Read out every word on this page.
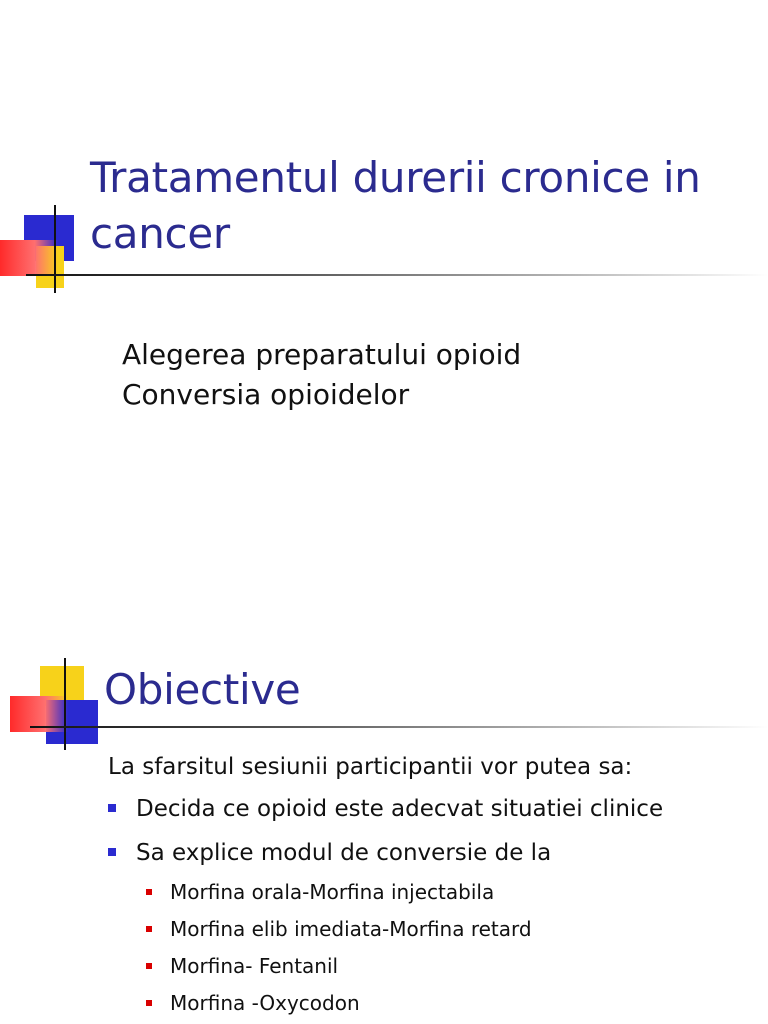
Tratamentul durerii cronice in cancer
Alegerea preparatului opioid
Conversia opioidelor
Obiective
La sfarsitul sesiunii participantii vor putea sa:
Decida ce opioid este adecvat situatiei clinice
Sa explice modul de conversie de la
Morfina orala-Morfina injectabila
Morfina elib imediata-Morfina retard
Morfina- Fentanil
Morfina -Oxycodon
